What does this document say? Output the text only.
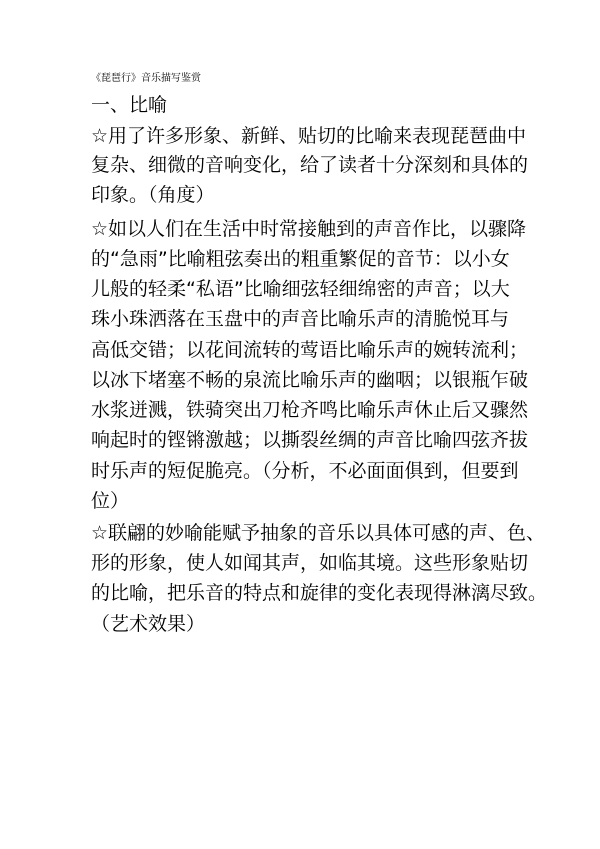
《琵琶行》音乐描写鉴赏
一、比喻
☆用了许多形象、新鲜、贴切的比喻来表现琵琶曲中
复杂、细微的音响变化，给了读者十分深刻和具体的
印象。（角度）
☆如以人们在生活中时常接触到的声音作比，以骤降
的“急雨”比喻粗弦奏出的粗重繁促的音节：以小女
儿般的轻柔“私语”比喻细弦轻细绵密的声音；以大
珠小珠洒落在玉盘中的声音比喻乐声的清脆悦耳与
高低交错；以花间流转的莺语比喻乐声的婉转流利；
以冰下堵塞不畅的泉流比喻乐声的幽咽；以银瓶乍破
水浆迸溅，铁骑突出刀枪齐鸣比喻乐声休止后又骤然
响起时的铿锵激越；以撕裂丝绸的声音比喻四弦齐拔
时乐声的短促脆亮。（分析，不必面面俱到，但要到
位）
☆联翩的妙喻能赋予抽象的音乐以具体可感的声、色、
形的形象，使人如闻其声，如临其境。这些形象贴切
的比喻，把乐音的特点和旋律的变化表现得淋漓尽致。
（艺术效果）
